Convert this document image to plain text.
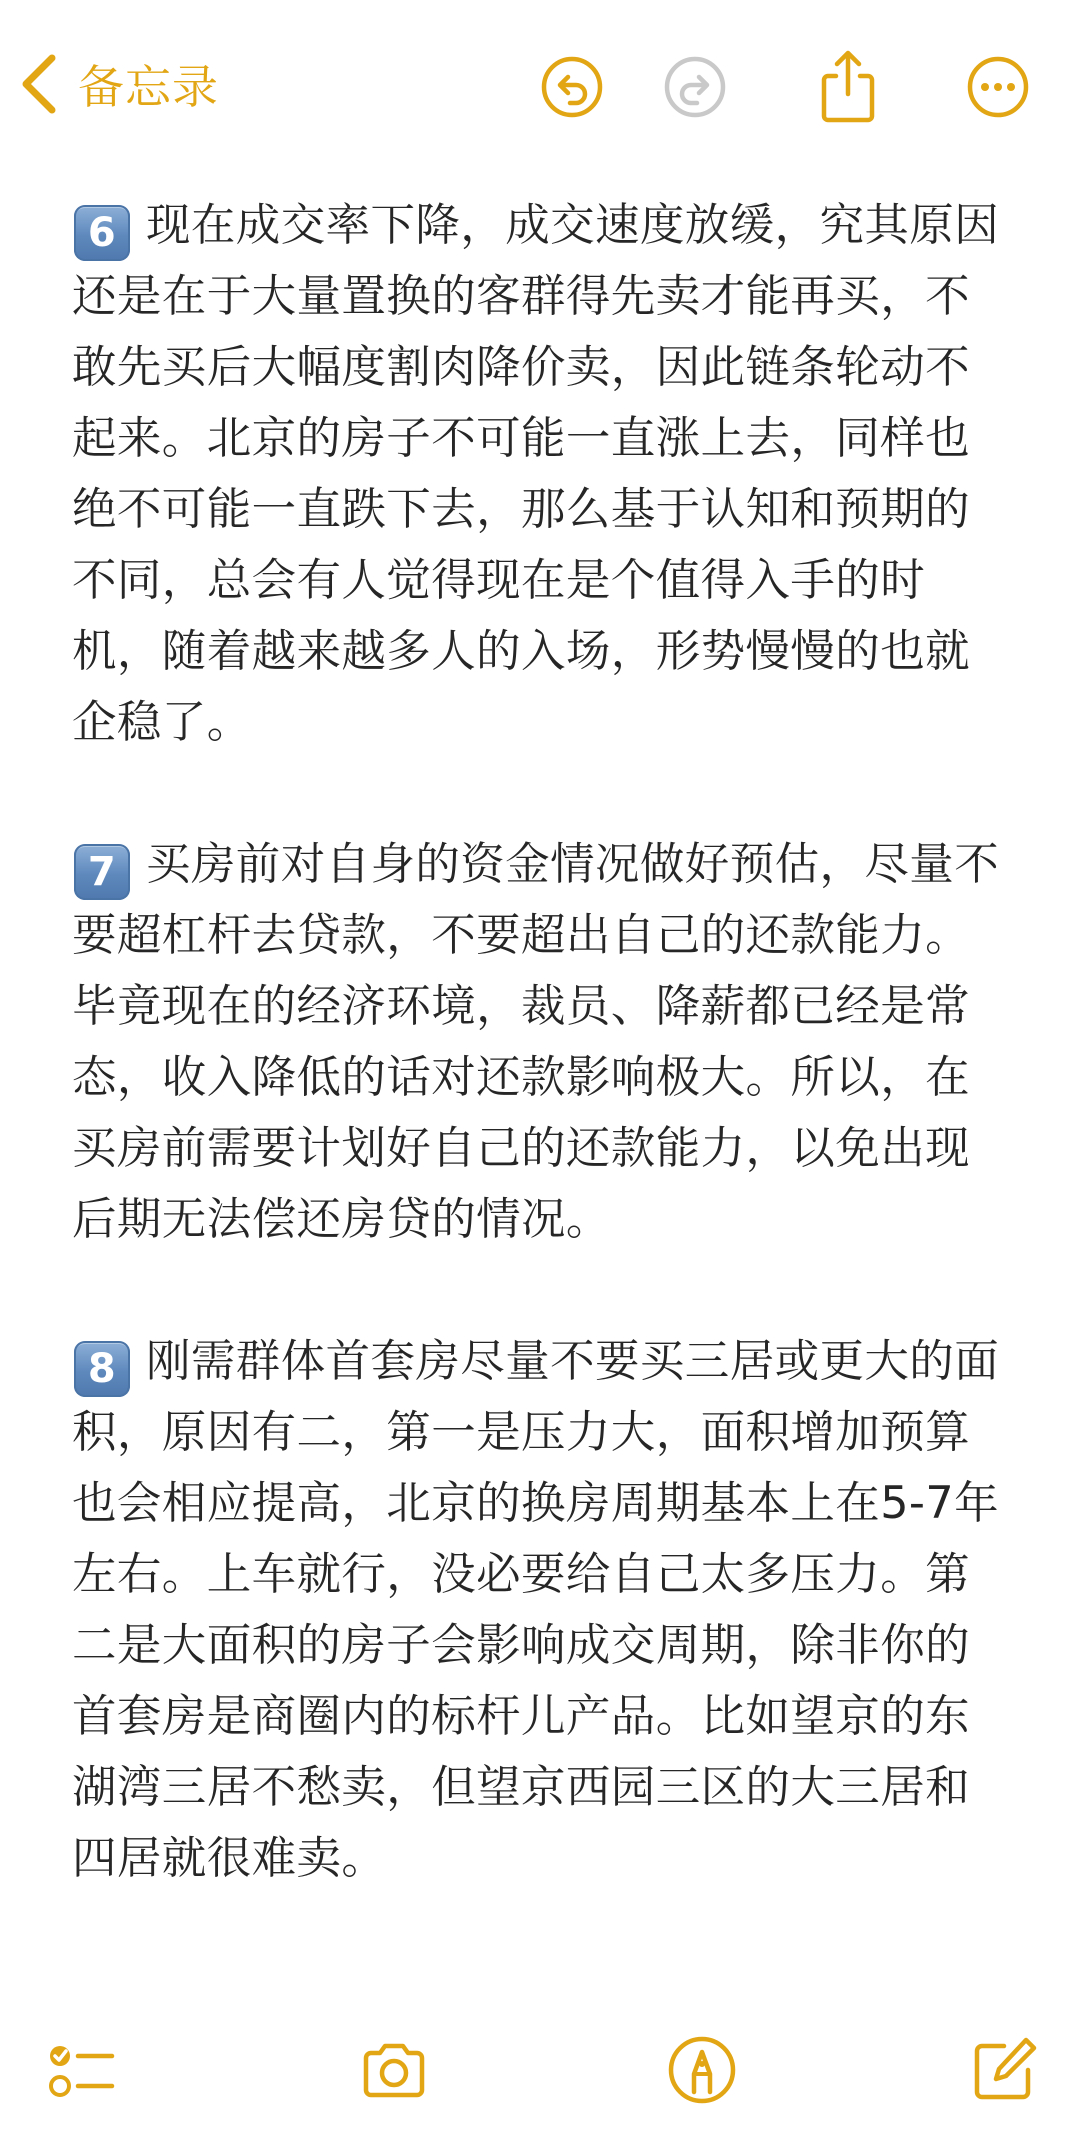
备忘录

6 现在成交率下降，成交速度放缓，究其原因还是在于大量置换的客群得先卖才能再买，不敢先买后大幅度割肉降价卖，因此链条轮动不起来。北京的房子不可能一直涨上去，同样也绝不可能一直跌下去，那么基于认知和预期的不同，总会有人觉得现在是个值得入手的时机，随着越来越多人的入场，形势慢慢的也就企稳了。

7 买房前对自身的资金情况做好预估，尽量不要超杠杆去贷款，不要超出自己的还款能力。毕竟现在的经济环境，裁员、降薪都已经是常态，收入降低的话对还款影响极大。所以，在买房前需要计划好自己的还款能力，以免出现后期无法偿还房贷的情况。

8 刚需群体首套房尽量不要买三居或更大的面积，原因有二，第一是压力大，面积增加预算也会相应提高，北京的换房周期基本上在5-7年左右。上车就行，没必要给自己太多压力。第二是大面积的房子会影响成交周期，除非你的首套房是商圈内的标杆儿产品。比如望京的东湖湾三居不愁卖，但望京西园三区的大三居和四居就很难卖。
